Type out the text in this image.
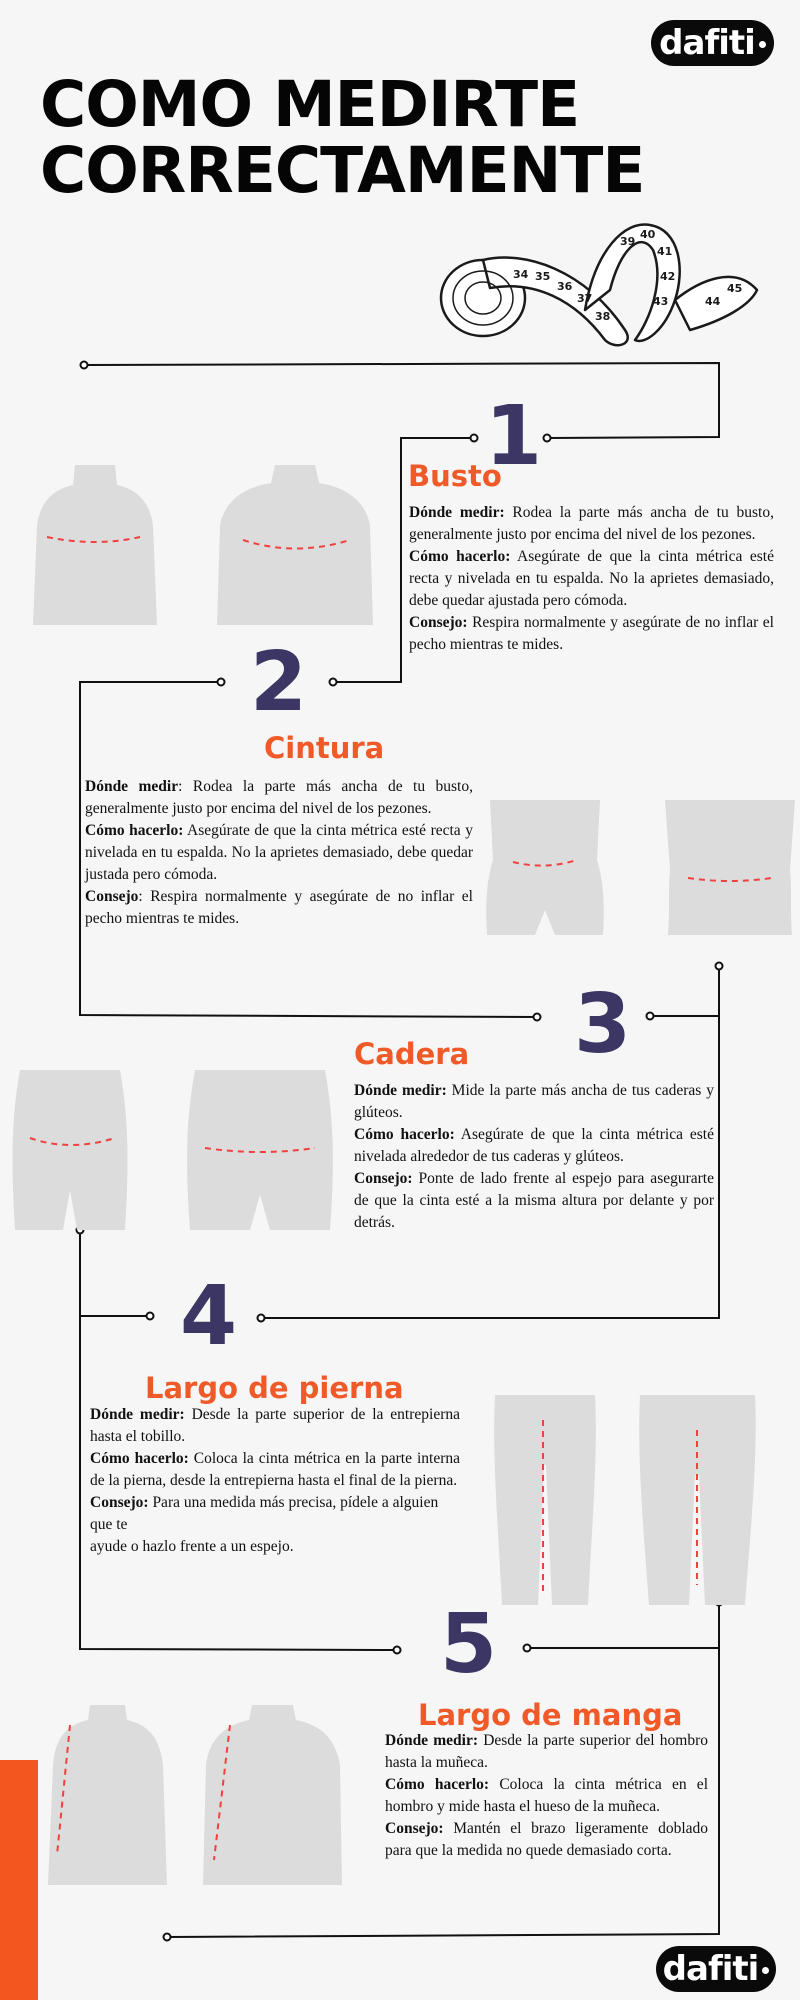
dafiti
dafiti
COMO MEDIRTE CORRECTAMENTE
34 35
36
37
38
39
40
41
42
43	44
45
1
Busto

Dónde medir: Rodea la parte más ancha de tu busto, generalmente justo por encima del nivel de los pezones.

Cómo hacerlo: Asegúrate de que la cinta métrica esté recta y nivelada en tu espalda. No la aprietes demasiado, debe quedar ajustada pero cómoda.

Consejo: Respira normalmente y asegúrate de no inflar el pecho mientras te mides.

2
Cintura

Dónde medir: Rodea la parte más ancha de tu busto, generalmente justo por encima del nivel de los pezones.

Cómo hacerlo: Asegúrate de que la cinta métrica esté recta y nivelada en tu espalda. No la aprietes demasiado, debe quedar justada pero cómoda.

Consejo: Respira normalmente y asegúrate de no inflar el pecho mientras te mides.

3
Cadera

Dónde medir: Mide la parte más ancha de tus caderas y glúteos.

Cómo hacerlo: Asegúrate de que la cinta métrica esté nivelada alrededor de tus caderas y glúteos.

Consejo: Ponte de lado frente al espejo para asegurarte de que la cinta esté a la misma altura por delante y por detrás.

4
Largo de pierna

Dónde medir: Desde la parte superior de la entrepierna hasta el tobillo.

Cómo hacerlo: Coloca la cinta métrica en la parte interna de la pierna, desde la entrepierna hasta el final de la pierna.

Consejo: Para una medida más precisa, pídele a alguien que te

ayude o hazlo frente a un espejo.

5
Largo de manga

Dónde medir: Desde la parte superior del hombro hasta la muñeca.

Cómo hacerlo: Coloca la cinta métrica en el hombro y mide hasta el hueso de la muñeca.

Consejo: Mantén el brazo ligeramente doblado para que la medida no quede demasiado corta.
